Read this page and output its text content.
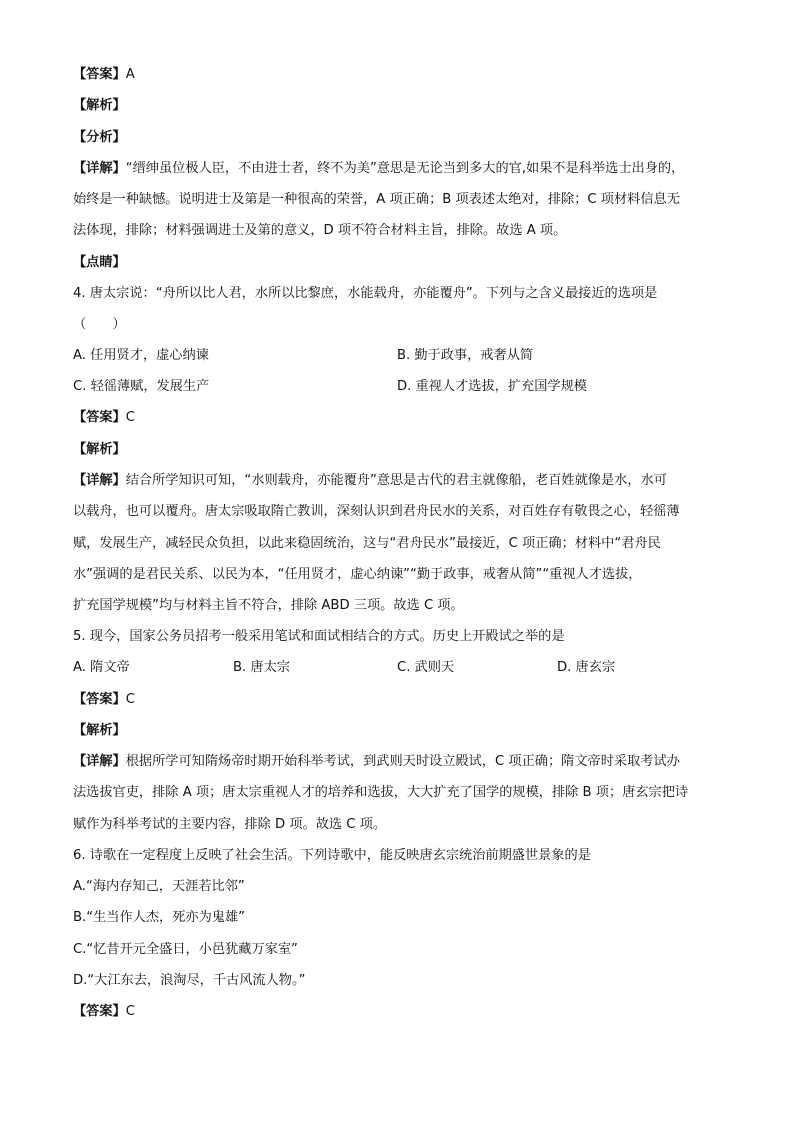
【答案】A
【解析】
【分析】
【详解】“缙绅虽位极人臣，不由进士者，终不为美”意思是无论当到多大的官,如果不是科举选士出身的，
始终是一种缺憾。说明进士及第是一种很高的荣誉，A 项正确；B 项表述太绝对，排除；C 项材料信息无
法体现，排除；材料强调进士及第的意义，D 项不符合材料主旨，排除。故选 A 项。
【点睛】
4. 唐太宗说：“舟所以比人君，水所以比黎庶，水能载舟，亦能覆舟”。下列与之含义最接近的选项是
（　　）
A. 任用贤才，虚心纳谏	B. 勤于政事，戒奢从简
C. 轻徭薄赋，发展生产	D. 重视人才选拔，扩充国学规模
【答案】C
【解析】
【详解】结合所学知识可知，“水则载舟，亦能覆舟”意思是古代的君主就像船，老百姓就像是水，水可
以载舟，也可以覆舟。唐太宗吸取隋亡教训，深刻认识到君舟民水的关系，对百姓存有敬畏之心，轻徭薄
赋，发展生产，减轻民众负担，以此来稳固统治，这与“君舟民水”最接近，C 项正确；材料中“君舟民
水”强调的是君民关系、以民为本，“任用贤才，虚心纳谏”“勤于政事，戒奢从简”“重视人才选拔，
扩充国学规模”均与材料主旨不符合，排除 ABD 三项。故选 C 项。
5. 现今，国家公务员招考一般采用笔试和面试相结合的方式。历史上开殿试之举的是
A. 隋文帝	B. 唐太宗	C. 武则天	D. 唐玄宗
【答案】C
【解析】
【详解】根据所学可知隋炀帝时期开始科举考试，到武则天时设立殿试，C 项正确；隋文帝时采取考试办
法选拔官吏，排除 A 项；唐太宗重视人才的培养和选拔，大大扩充了国学的规模，排除 B 项；唐玄宗把诗
赋作为科举考试的主要内容，排除 D 项。故选 C 项。
6. 诗歌在一定程度上反映了社会生活。下列诗歌中，能反映唐玄宗统治前期盛世景象的是
A.“海内存知己，天涯若比邻”
B.“生当作人杰，死亦为鬼雄”
C.“忆昔开元全盛日，小邑犹藏万家室”
D.“大江东去，浪淘尽，千古风流人物。”
【答案】C
